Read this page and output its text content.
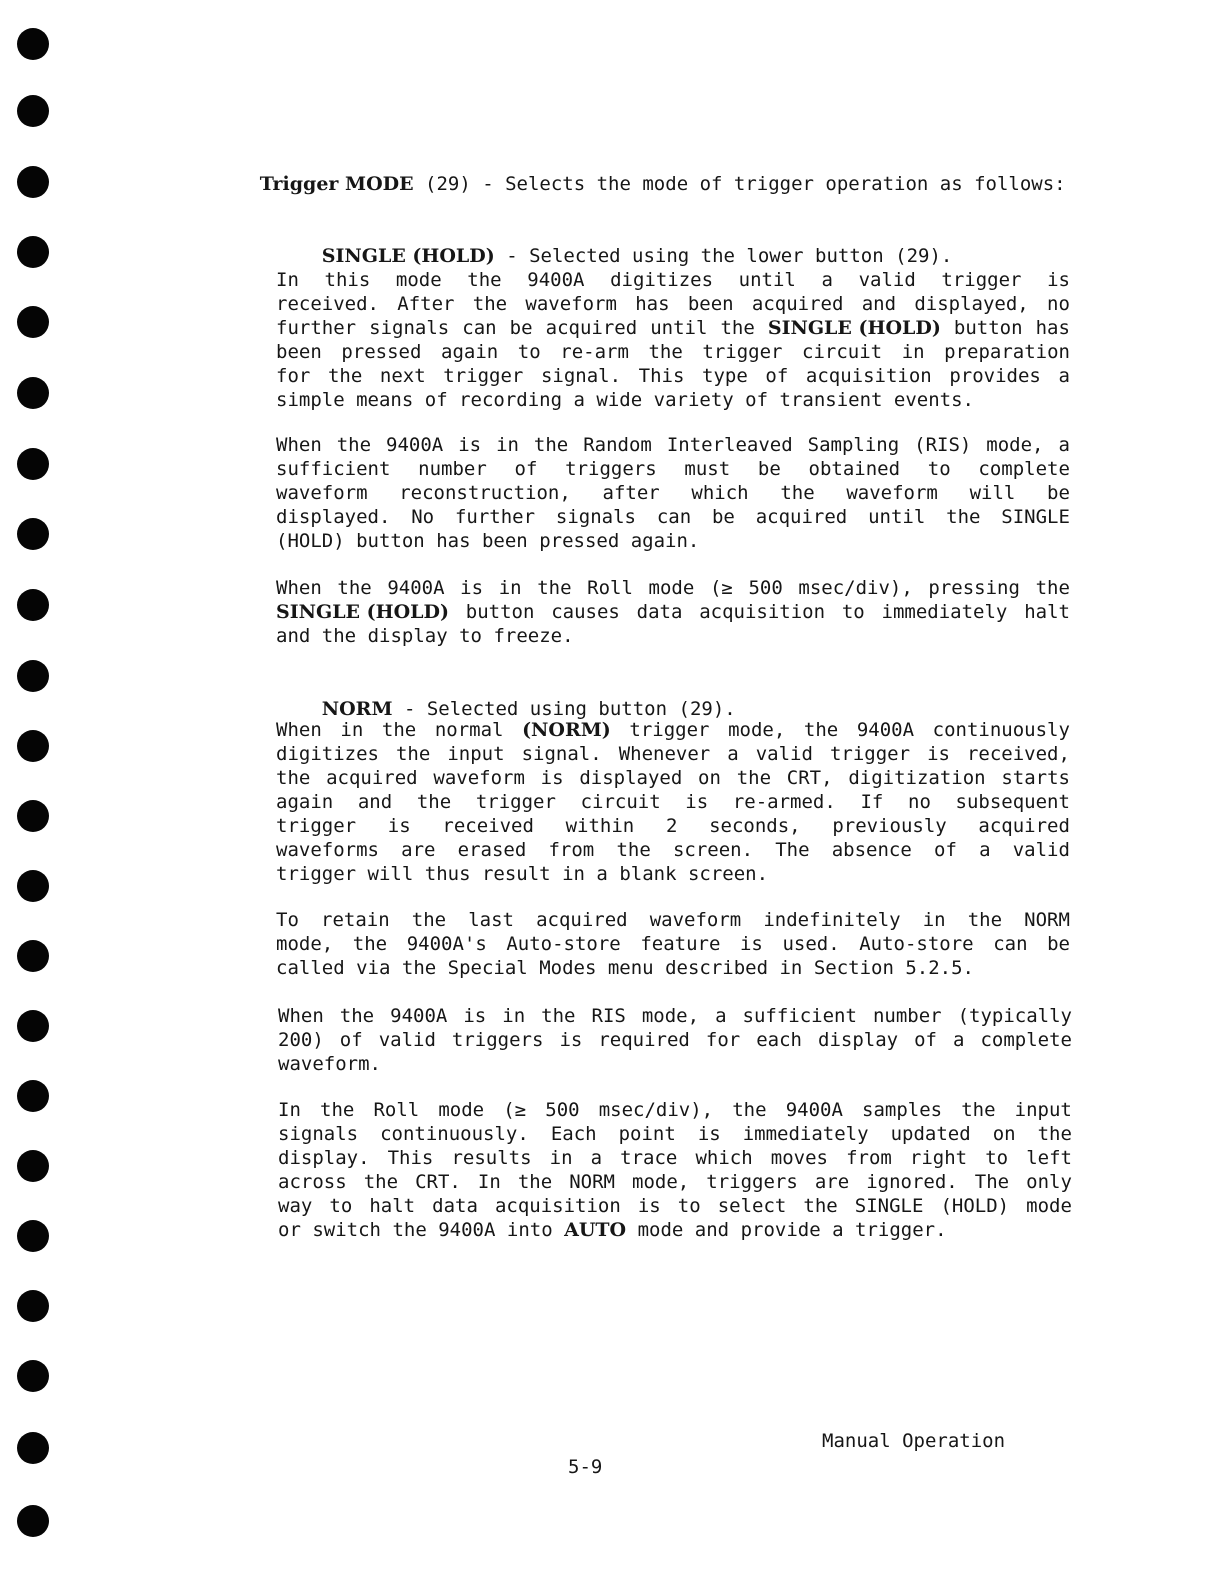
Trigger MODE (29) - Selects the mode of trigger operation as follows:

SINGLE (HOLD) - Selected using the lower button (29).

In this mode the 9400A digitizes until a valid trigger is
received. After the waveform has been acquired and displayed, no
further signals can be acquired until the SINGLE (HOLD) button has
been pressed again to re-arm the trigger circuit in preparation
for the next trigger signal. This type of acquisition provides a
simple means of recording a wide variety of transient events.
When the 9400A is in the Random Interleaved Sampling (RIS) mode, a
sufficient number of triggers must be obtained to complete
waveform reconstruction, after which the waveform will be
displayed. No further signals can be acquired until the SINGLE
(HOLD) button has been pressed again.
When the 9400A is in the Roll mode (≥ 500 msec/div), pressing the
SINGLE (HOLD) button causes data acquisition to immediately halt
and the display to freeze.

NORM - Selected using button (29).

When in the normal (NORM) trigger mode, the 9400A continuously
digitizes the input signal. Whenever a valid trigger is received,
the acquired waveform is displayed on the CRT, digitization starts
again and the trigger circuit is re-armed. If no subsequent
trigger is received within 2 seconds, previously acquired
waveforms are erased from the screen. The absence of a valid
trigger will thus result in a blank screen.
To retain the last acquired waveform indefinitely in the NORM
mode, the 9400A's Auto-store feature is used. Auto-store can be
called via the Special Modes menu described in Section 5.2.5.
When the 9400A is in the RIS mode, a sufficient number (typically
200) of valid triggers is required for each display of a complete
waveform.
In the Roll mode (≥ 500 msec/div), the 9400A samples the input
signals continuously. Each point is immediately updated on the
display. This results in a trace which moves from right to left
across the CRT. In the NORM mode, triggers are ignored. The only
way to halt data acquisition is to select the SINGLE (HOLD) mode
or switch the 9400A into AUTO mode and provide a trigger.
Manual Operation
5-9
